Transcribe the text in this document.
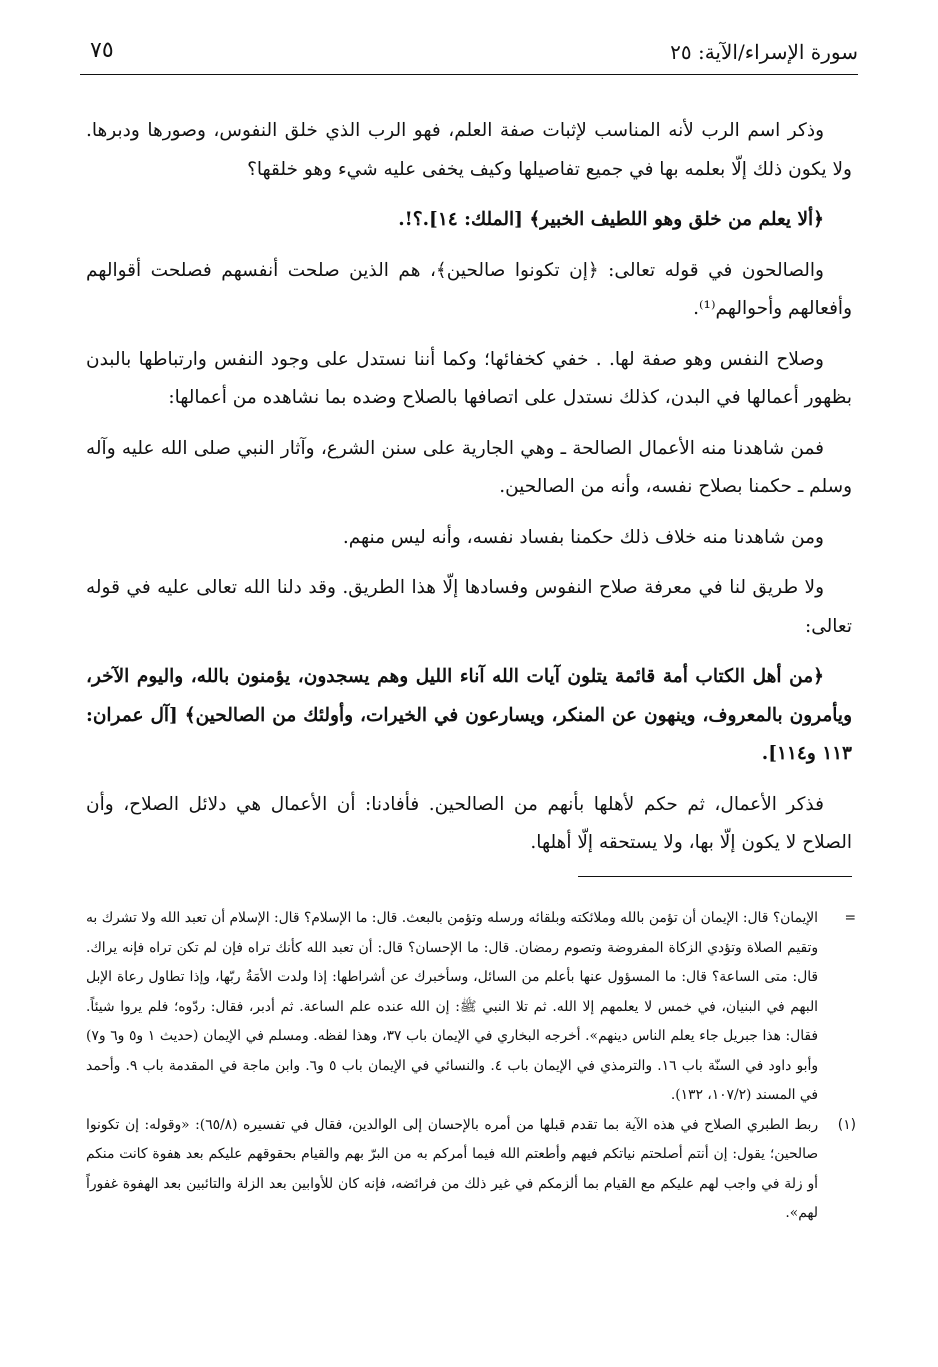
٧٥	سورة الإسراء/الآية: ٢٥

وذكر اسم الرب لأنه المناسب لإثبات صفة العلم، فهو الرب الذي خلق النفوس، وصورها ودبرها. ولا يكون ذلك إلّا بعلمه بها في جميع تفاصيلها وكيف يخفى عليه شيء وهو خلقها؟

﴿ألا يعلم من خلق وهو اللطيف الخبير﴾ [الملك: ١٤].؟!.

والصالحون في قوله تعالى: ﴿إن تكونوا صالحين﴾، هم الذين صلحت أنفسهم فصلحت أقوالهم وأفعالهم وأحوالهم⁽¹⁾.

وصلاح النفس وهو صفة لها. . خفي كخفائها؛ وكما أننا نستدل على وجود النفس وارتباطها بالبدن بظهور أعمالها في البدن، كذلك نستدل على اتصافها بالصلاح وضده بما نشاهده من أعمالها:

فمن شاهدنا منه الأعمال الصالحة ـ وهي الجارية على سنن الشرع، وآثار النبي صلى الله عليه وآله وسلم ـ حكمنا بصلاح نفسه، وأنه من الصالحين.

ومن شاهدنا منه خلاف ذلك حكمنا بفساد نفسه، وأنه ليس منهم.

ولا طريق لنا في معرفة صلاح النفوس وفسادها إلّا هذا الطريق. وقد دلنا الله تعالى عليه في قوله تعالى:

﴿من أهل الكتاب أمة قائمة يتلون آيات الله آناء الليل وهم يسجدون، يؤمنون بالله، واليوم الآخر، ويأمرون بالمعروف، وينهون عن المنكر، ويسارعون في الخيرات، وأولئك من الصالحين﴾ [آل عمران: ١١٣ و١١٤].

فذكر الأعمال، ثم حكم لأهلها بأنهم من الصالحين. فأفادنا: أن الأعمال هي دلائل الصلاح، وأن الصلاح لا يكون إلّا بها، ولا يستحقه إلّا أهلها.

=
الإيمان؟ قال: الإيمان أن تؤمن بالله وملائكته وبلقائه ورسله وتؤمن بالبعث. قال: ما الإسلام؟ قال: الإسلام أن تعبد الله ولا تشرك به وتقيم الصلاة وتؤدي الزكاة المفروضة وتصوم رمضان. قال: ما الإحسان؟ قال: أن تعبد الله كأنك تراه فإن لم تكن تراه فإنه يراك. قال: متى الساعة؟ قال: ما المسؤول عنها بأعلم من السائل، وسأخبرك عن أشراطها: إذا ولدت الأمَةُ ربّها، وإذا تطاول رعاة الإبل البهم في البنيان، في خمس لا يعلمهم إلا الله. ثم تلا النبي ﷺ: إن الله عنده علم الساعة. ثم أدبر، فقال: ردّوه؛ فلم يروا شيئاً. فقال: هذا جبريل جاء يعلم الناس دينهم». أخرجه البخاري في الإيمان باب ٣٧، وهذا لفظه. ومسلم في الإيمان (حديث ١ و٥ و٦ و٧) وأبو داود في السنّة باب ١٦. والترمذي في الإيمان باب ٤. والنسائي في الإيمان باب ٥ و٦. وابن ماجة في المقدمة باب ٩. وأحمد في المسند (١٠٧/٢، ١٣٢).

(١)
ربط الطبري الصلاح في هذه الآية بما تقدم قبلها من أمره بالإحسان إلى الوالدين، فقال في تفسيره (٦٥/٨): «وقوله: إن تكونوا صالحين؛ يقول: إن أنتم أصلحتم نياتكم فيهم وأطعتم الله فيما أمركم به من البرّ بهم والقيام بحقوقهم عليكم بعد هفوة كانت منكم أو زلة في واجب لهم عليكم مع القيام بما ألزمكم في غير ذلك من فرائضه، فإنه كان للأوابين بعد الزلة والتائبين بعد الهفوة غفوراً لهم».
